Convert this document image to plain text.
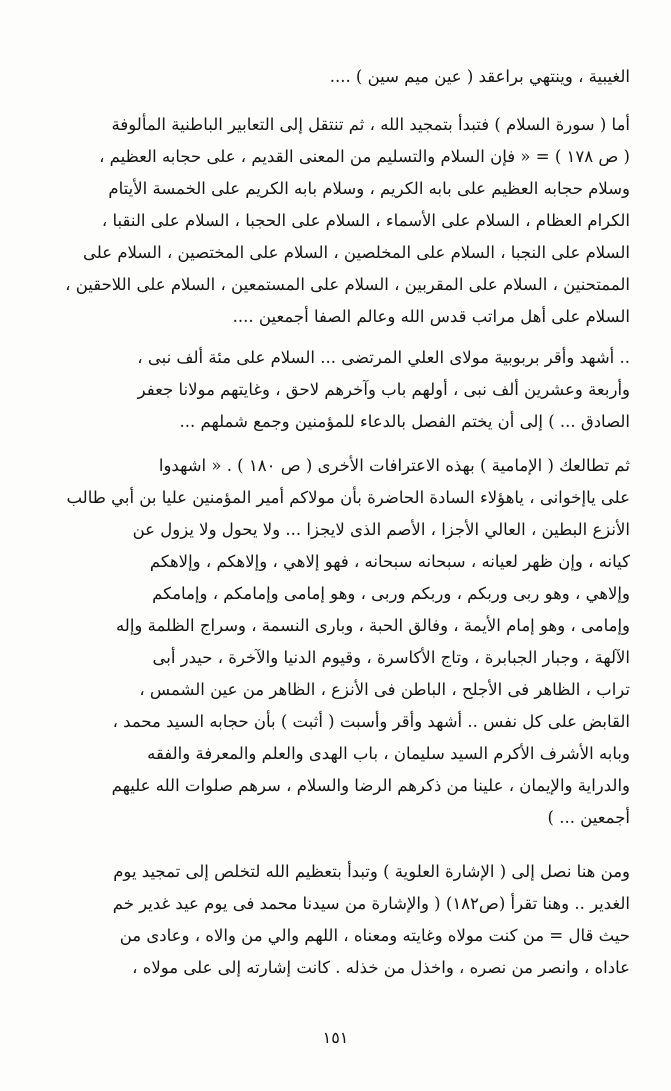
الغيبية ، وينتهي براعقد ( عين ميم سين ) ....
أما ( سورة السلام ) فتبدأ بتمجيد الله ، ثم تنتقل إلى التعابير الباطنية المألوفة
( ص ١٧٨ ) = « فإن السلام والتسليم من المعنى القديم ، على حجابه العظيم ،
وسلام حجابه العظيم على بابه الكريم ، وسلام بابه الكريم على الخمسة الأيتام
الكرام العظام ، السلام على الأسماء ، السلام على الحجبا ، السلام على النقبا ،
السلام على النجبا ، السلام على المخلصين ، السلام على المختصين ، السلام على
الممتحنين ، السلام على المقربين ، السلام على المستمعين ، السلام على اللاحقين ،
السلام على أهل مراتب قدس الله وعالم الصفا أجمعين ....
.. أشهد وأقر بربوبية مولاى العلي المرتضى ... السلام على مئة ألف نبى ،
وأربعة وعشرين ألف نبى ، أولهم باب وآخرهم لاحق ، وغايتهم مولانا جعفر
الصادق ... ) إلى أن يختم الفصل بالدعاء للمؤمنين وجمع شملهم ...
ثم تطالعك ( الإمامية ) بهذه الاعترافات الأخرى ( ص ١٨٠ ) . « اشهدوا
على ياإخوانى ، ياهؤلاء السادة الحاضرة بأن مولاكم أمير المؤمنين عليا بن أبي طالب
الأنزع البطين ، العالي الأجزا ، الأصم الذى لايجزا ... ولا يحول ولا يزول عن
كيانه ، وإن ظهر لعيانه ، سبحانه سبحانه ، فهو إلاهي ، وإلاهكم ، وإلاهكم
وإلاهي ، وهو ربى وربكم ، وربكم وربى ، وهو إمامى وإمامكم ، وإمامكم
وإمامى ، وهو إمام الأيمة ، وفالق الحبة ، وبارى النسمة ، وسراج الظلمة وإله
الآلهة ، وجبار الجبابرة ، وتاج الأكاسرة ، وقيوم الدنيا والآخرة ، حيدر أبى
تراب ، الظاهر فى الأجلح ، الباطن فى الأنزع ، الظاهر من عين الشمس ،
القابض على كل نفس .. أشهد وأقر وأسبت ( أثبت ) بأن حجابه السيد محمد ،
وبابه الأشرف الأكرم السيد سليمان ، باب الهدى والعلم والمعرفة والفقه
والدراية والإيمان ، علينا من ذكرهم الرضا والسلام ، سرهم صلوات الله عليهم
أجمعين ... )
ومن هنا نصل إلى ( الإشارة العلوية ) وتبدأ بتعظيم الله لتخلص إلى تمجيد يوم
الغدير .. وهنا تقرأ (ص١٨٢) ( والإشارة من سيدنا محمد فى يوم عيد غدير خم
حيث قال = من كنت مولاه وغايته ومعناه ، اللهم والي من والاه ، وعادى من
عاداه ، وانصر من نصره ، واخذل من خذله . كانت إشارته إلى على مولاه ،
١٥١
